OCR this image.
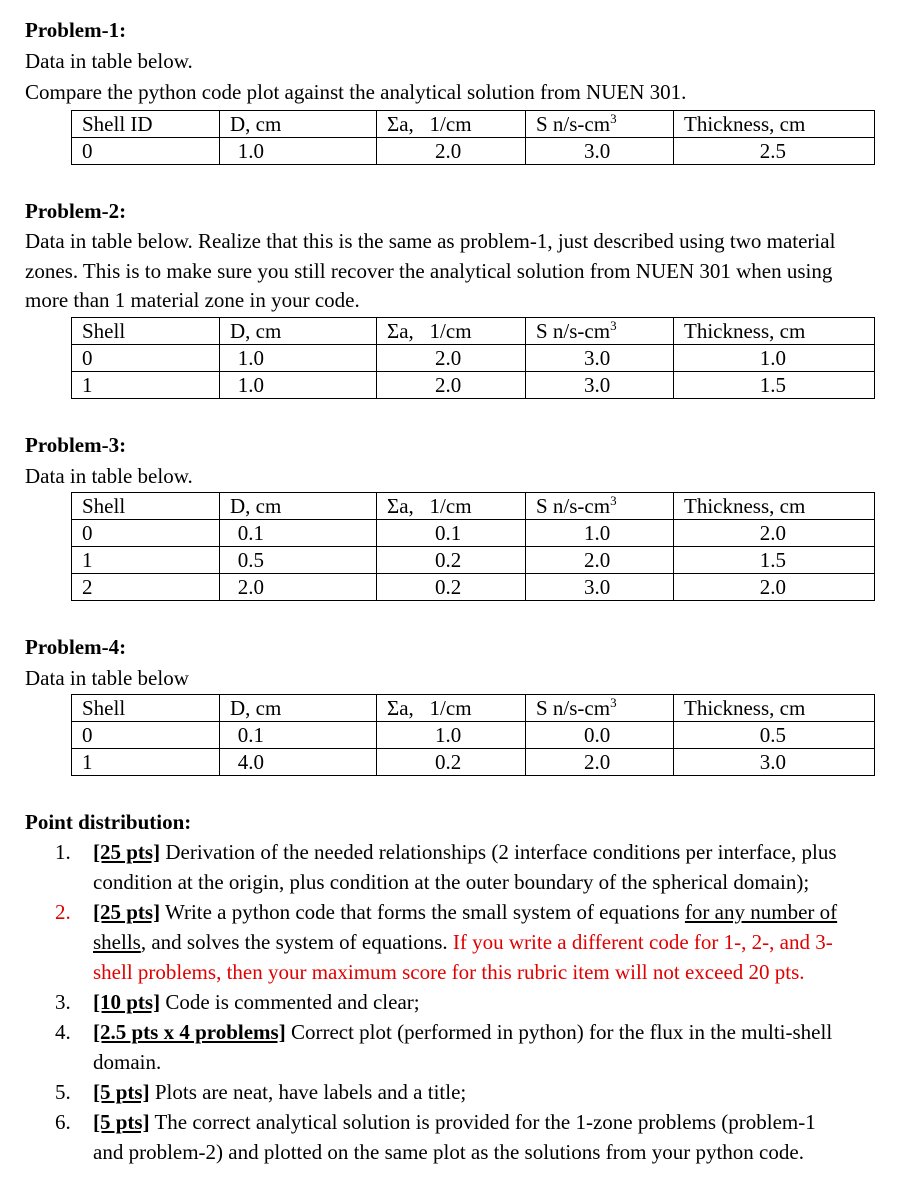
Problem-1:
Data in table below.
Compare the python code plot against the analytical solution from NUEN 301.
Shell ID	D, cm	Σa, 1/cm	S $n/s-cm^3$	Thickness, cm
0	1.0	2.0	3.0	2.5
Problem-2:
Data in table below. Realize that this is the same as problem-1, just described using two material
zones. This is to make sure you still recover the analytical solution from NUEN 301 when using
more than 1 material zone in your code.
Shell	D, cm	Σa, 1/cm	S $n/s-cm^3$	Thickness, cm
0	1.0	2.0	3.0	1.0
1	1.0	2.0	3.0	1.5
Problem-3:
Data in table below.
Shell	D, cm	Σa, 1/cm	S $n/s-cm^3$	Thickness, cm
0	0.1	0.1	1.0	2.0
1	0.5	0.2	2.0	1.5
2	2.0	0.2	3.0	2.0
Problem-4:
Data in table below
Shell	D, cm	Σa, 1/cm	S $n/s-cm^3$	Thickness, cm
0	0.1	1.0	0.0	0.5
1	4.0	0.2	2.0	3.0
Point distribution:
1. [25 pts] Derivation of the needed relationships (2 interface conditions per interface, plus
condition at the origin, plus condition at the outer boundary of the spherical domain);
2. [25 pts] Write a python code that forms the small system of equations for any number of
shells, and solves the system of equations. If you write a different code for 1-, 2-, and 3-
shell problems, then your maximum score for this rubric item will not exceed 20 pts.
3. [10 pts] Code is commented and clear;
4. [2.5 pts x 4 problems] Correct plot (performed in python) for the flux in the multi-shell
domain.
5. [5 pts] Plots are neat, have labels and a title;
6. [5 pts] The correct analytical solution is provided for the 1-zone problems (problem-1
and problem-2) and plotted on the same plot as the solutions from your python code.
